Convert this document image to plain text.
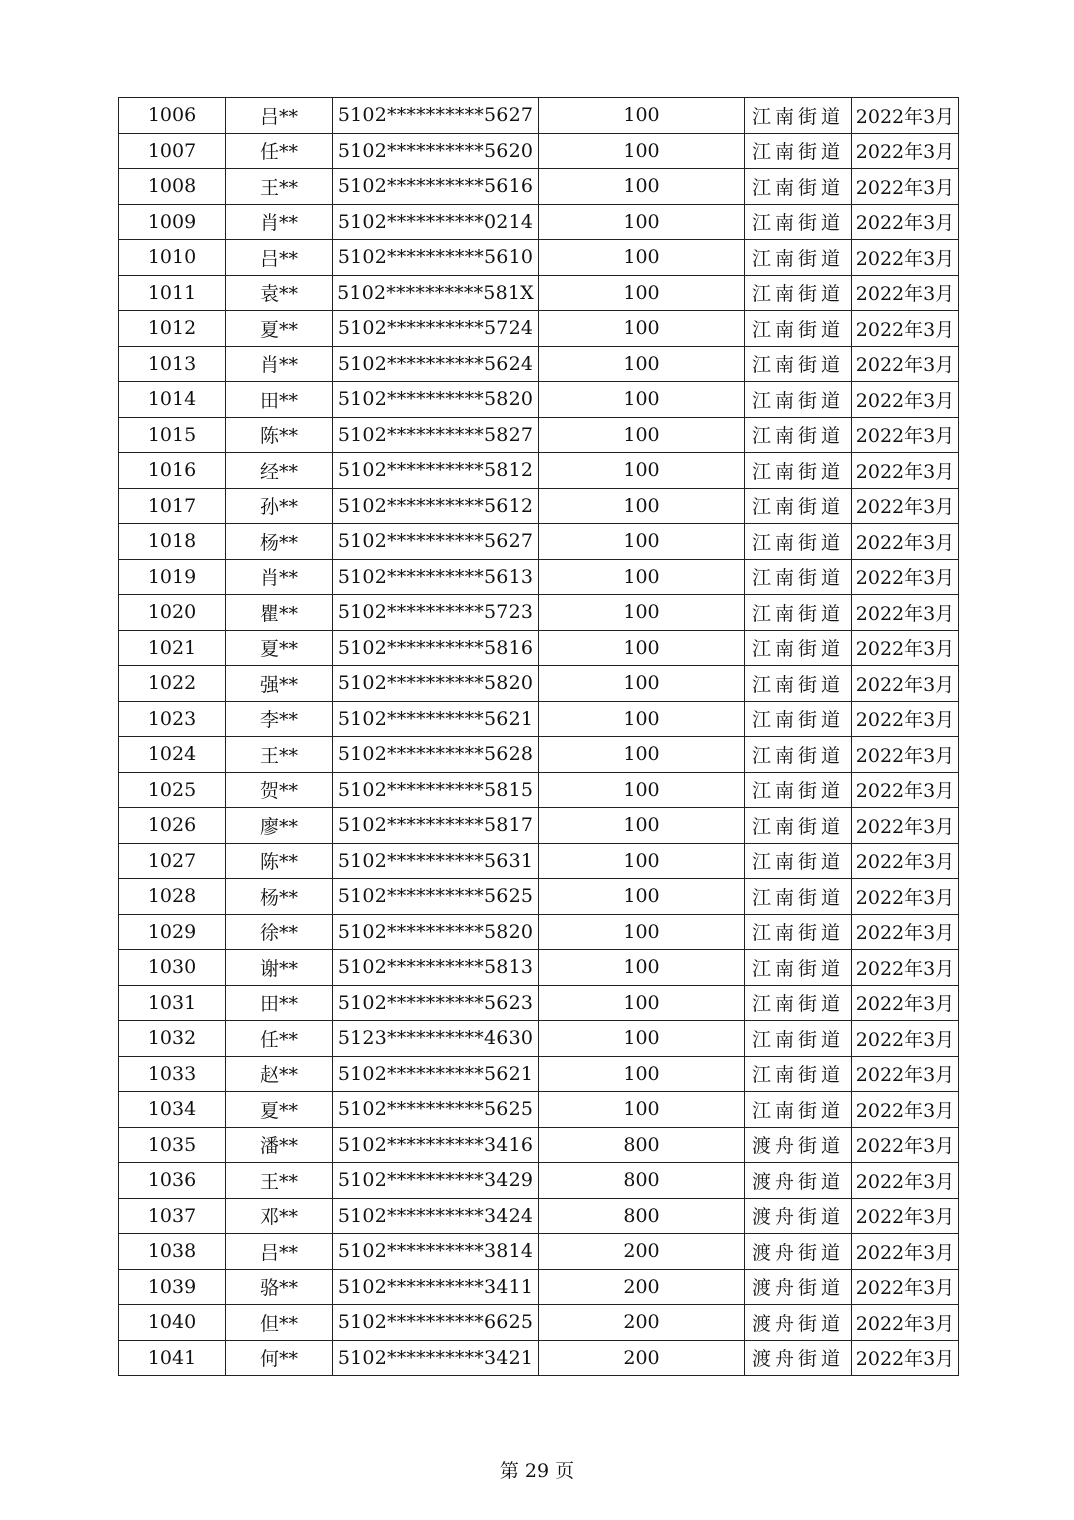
1006	吕**	5102**********5627	100	江南街道	2022年3月
1007	任**	5102**********5620	100	江南街道	2022年3月
1008	王**	5102**********5616	100	江南街道	2022年3月
1009	肖**	5102**********0214	100	江南街道	2022年3月
1010	吕**	5102**********5610	100	江南街道	2022年3月
1011	袁**	5102**********581X	100	江南街道	2022年3月
1012	夏**	5102**********5724	100	江南街道	2022年3月
1013	肖**	5102**********5624	100	江南街道	2022年3月
1014	田**	5102**********5820	100	江南街道	2022年3月
1015	陈**	5102**********5827	100	江南街道	2022年3月
1016	经**	5102**********5812	100	江南街道	2022年3月
1017	孙**	5102**********5612	100	江南街道	2022年3月
1018	杨**	5102**********5627	100	江南街道	2022年3月
1019	肖**	5102**********5613	100	江南街道	2022年3月
1020	瞿**	5102**********5723	100	江南街道	2022年3月
1021	夏**	5102**********5816	100	江南街道	2022年3月
1022	强**	5102**********5820	100	江南街道	2022年3月
1023	李**	5102**********5621	100	江南街道	2022年3月
1024	王**	5102**********5628	100	江南街道	2022年3月
1025	贺**	5102**********5815	100	江南街道	2022年3月
1026	廖**	5102**********5817	100	江南街道	2022年3月
1027	陈**	5102**********5631	100	江南街道	2022年3月
1028	杨**	5102**********5625	100	江南街道	2022年3月
1029	徐**	5102**********5820	100	江南街道	2022年3月
1030	谢**	5102**********5813	100	江南街道	2022年3月
1031	田**	5102**********5623	100	江南街道	2022年3月
1032	任**	5123**********4630	100	江南街道	2022年3月
1033	赵**	5102**********5621	100	江南街道	2022年3月
1034	夏**	5102**********5625	100	江南街道	2022年3月
1035	潘**	5102**********3416	800	渡舟街道	2022年3月
1036	王**	5102**********3429	800	渡舟街道	2022年3月
1037	邓**	5102**********3424	800	渡舟街道	2022年3月
1038	吕**	5102**********3814	200	渡舟街道	2022年3月
1039	骆**	5102**********3411	200	渡舟街道	2022年3月
1040	但**	5102**********6625	200	渡舟街道	2022年3月
1041	何**	5102**********3421	200	渡舟街道	2022年3月
第 29 页
